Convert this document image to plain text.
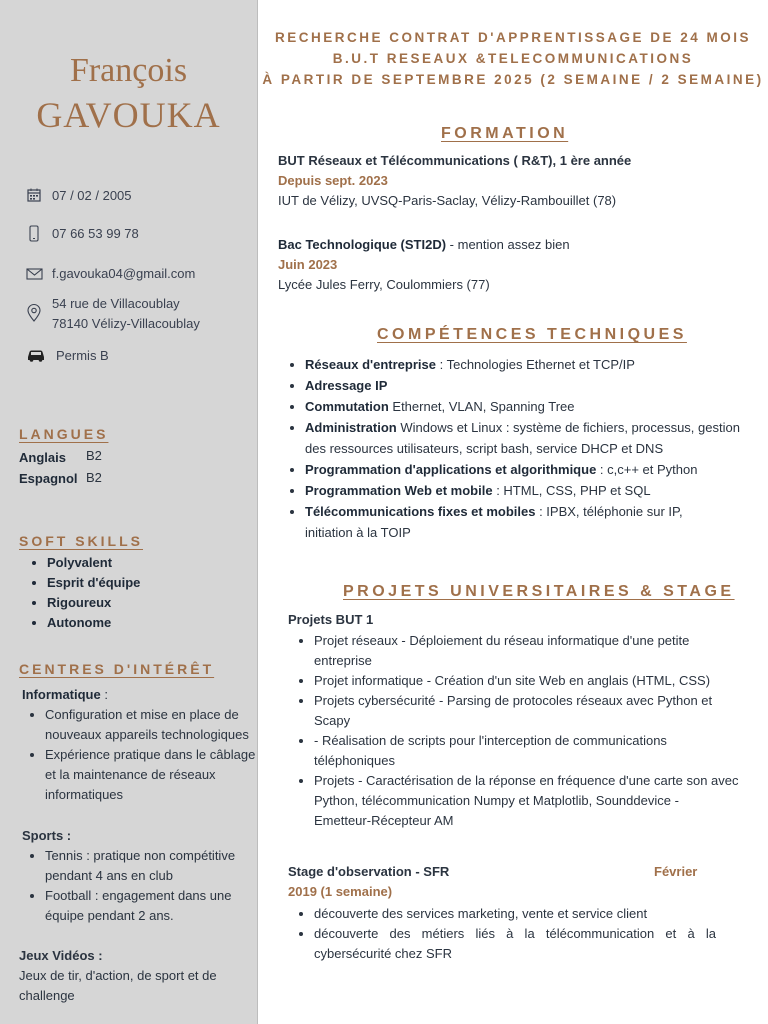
François
GAVOUKA
07 / 02 / 2005
07 66 53 99 78
f.gavouka04@gmail.com
54 rue de Villacoublay
78140 Vélizy-Villacoublay
Permis B
LANGUES
Anglais B2
Espagnol B2
SOFT SKILLS
• Polyvalent
• Esprit d'équipe
• Rigoureux
• Autonome
CENTRES D'INTÉRÊT
Informatique :
• Configuration et mise en place de nouveaux appareils technologiques
• Expérience pratique dans le câblage et la maintenance de réseaux informatiques
Sports :
• Tennis : pratique non compétitive pendant 4 ans en club
• Football : engagement dans une équipe pendant 2 ans.
Jeux Vidéos :
Jeux de tir, d'action, de sport et de challenge
RECHERCHE CONTRAT D'APPRENTISSAGE DE 24 MOIS
B.U.T RESEAUX &TELECOMMUNICATIONS
À PARTIR DE SEPTEMBRE 2025 (2 SEMAINE / 2 SEMAINE)
FORMATION
BUT Réseaux et Télécommunications ( R&T), 1 ère année
Depuis sept. 2023
IUT de Vélizy, UVSQ-Paris-Saclay, Vélizy-Rambouillet (78)
Bac Technologique (STI2D) - mention assez bien
Juin 2023
Lycée Jules Ferry, Coulommiers (77)
COMPÉTENCES TECHNIQUES
• Réseaux d'entreprise : Technologies Ethernet et TCP/IP
• Adressage IP
• Commutation Ethernet, VLAN, Spanning Tree
• Administration Windows et Linux : système de fichiers, processus, gestion des ressources utilisateurs, script bash, service DHCP et DNS
• Programmation d'applications et algorithmique : c,c++ et Python
• Programmation Web et mobile : HTML, CSS, PHP et SQL
• Télécommunications fixes et mobiles : IPBX, téléphonie sur IP, initiation à la TOIP
PROJETS UNIVERSITAIRES & STAGE
Projets BUT 1
• Projet réseaux - Déploiement du réseau informatique d'une petite entreprise
• Projet informatique - Création d'un site Web en anglais (HTML, CSS)
• Projets cybersécurité - Parsing de protocoles réseaux avec Python et Scapy
• - Réalisation de scripts pour l'interception de communications téléphoniques
• Projets - Caractérisation de la réponse en fréquence d'une carte son avec Python, télécommunication Numpy et Matplotlib, Sounddevice - Emetteur-Récepteur AM
Stage d'observation - SFR	Février
2019 (1 semaine)
• découverte des services marketing, vente et service client
• découverte des métiers liés à la télécommunication et à la cybersécurité chez SFR
